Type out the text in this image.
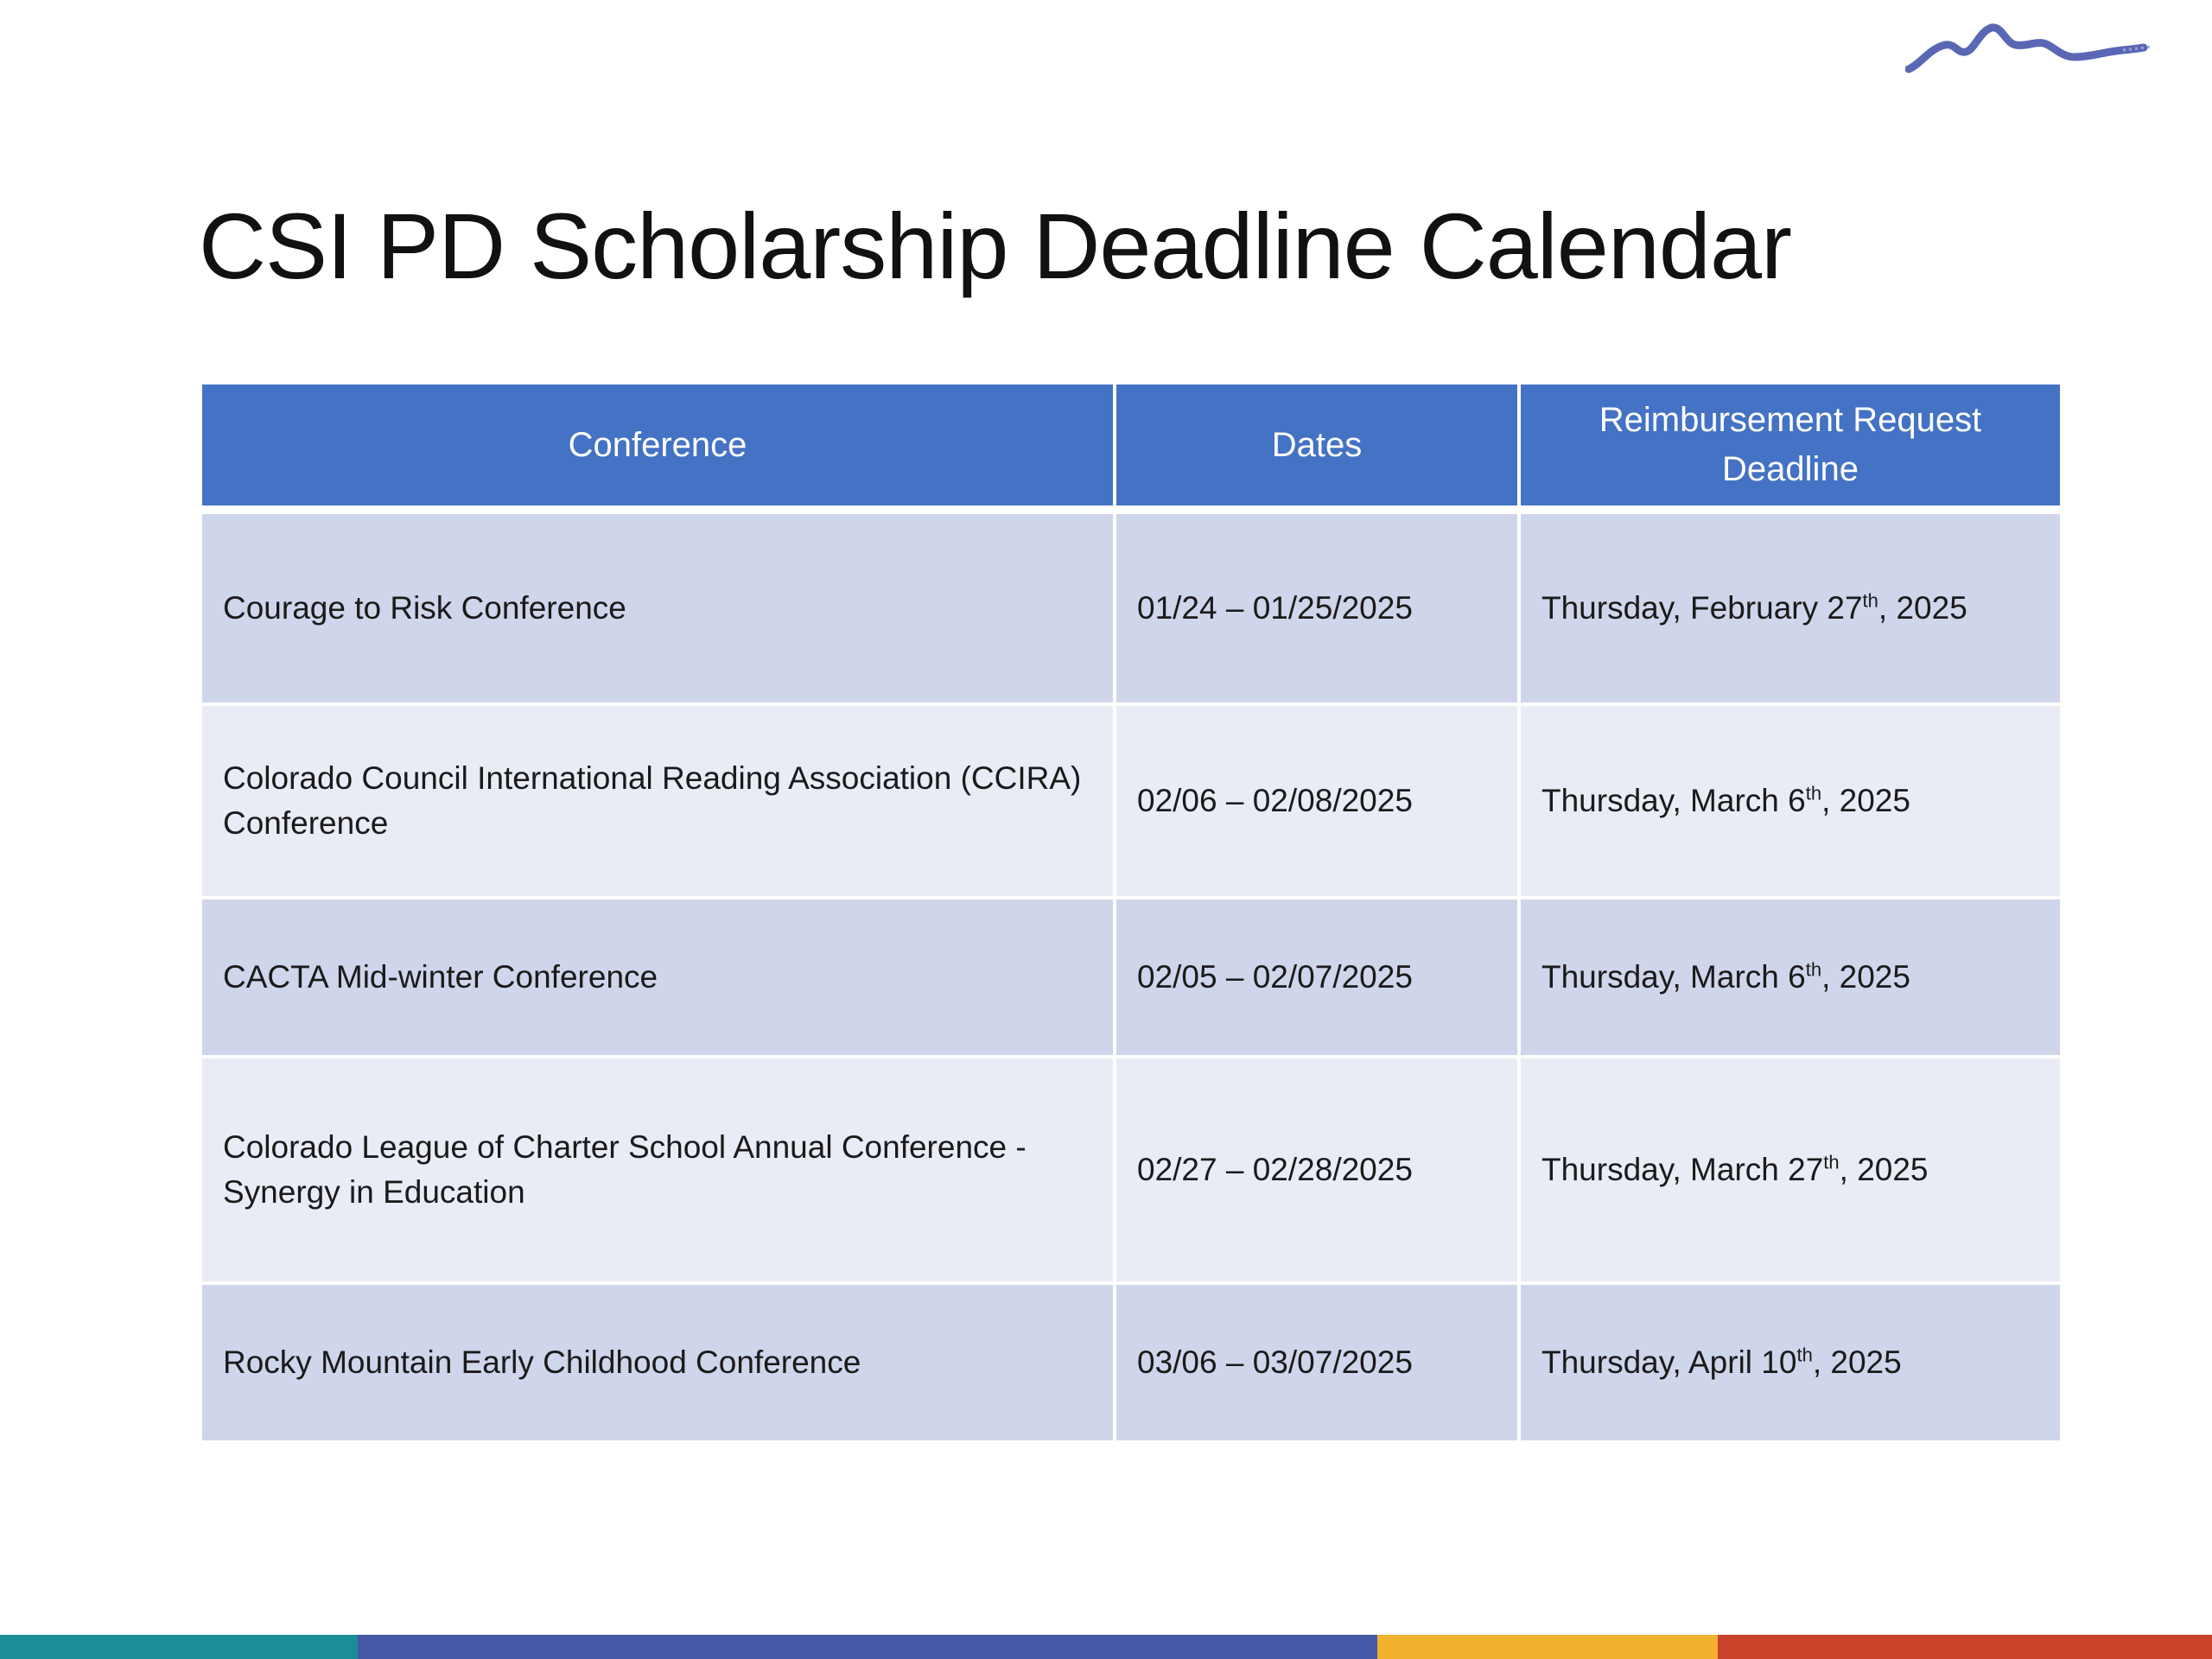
CSI PD Scholarship Deadline Calendar
Conference	Dates	Reimbursement Request Deadline
Courage to Risk Conference	01/24 – 01/25/2025	Thursday, February 27th, 2025
Colorado Council International Reading Association (CCIRA) Conference	02/06 – 02/08/2025	Thursday, March 6th, 2025
CACTA Mid-winter Conference	02/05 – 02/07/2025	Thursday, March 6th, 2025
Colorado League of Charter School Annual Conference - Synergy in Education	02/27 – 02/28/2025	Thursday, March 27th, 2025
Rocky Mountain Early Childhood Conference	03/06 – 03/07/2025	Thursday, April 10th, 2025
